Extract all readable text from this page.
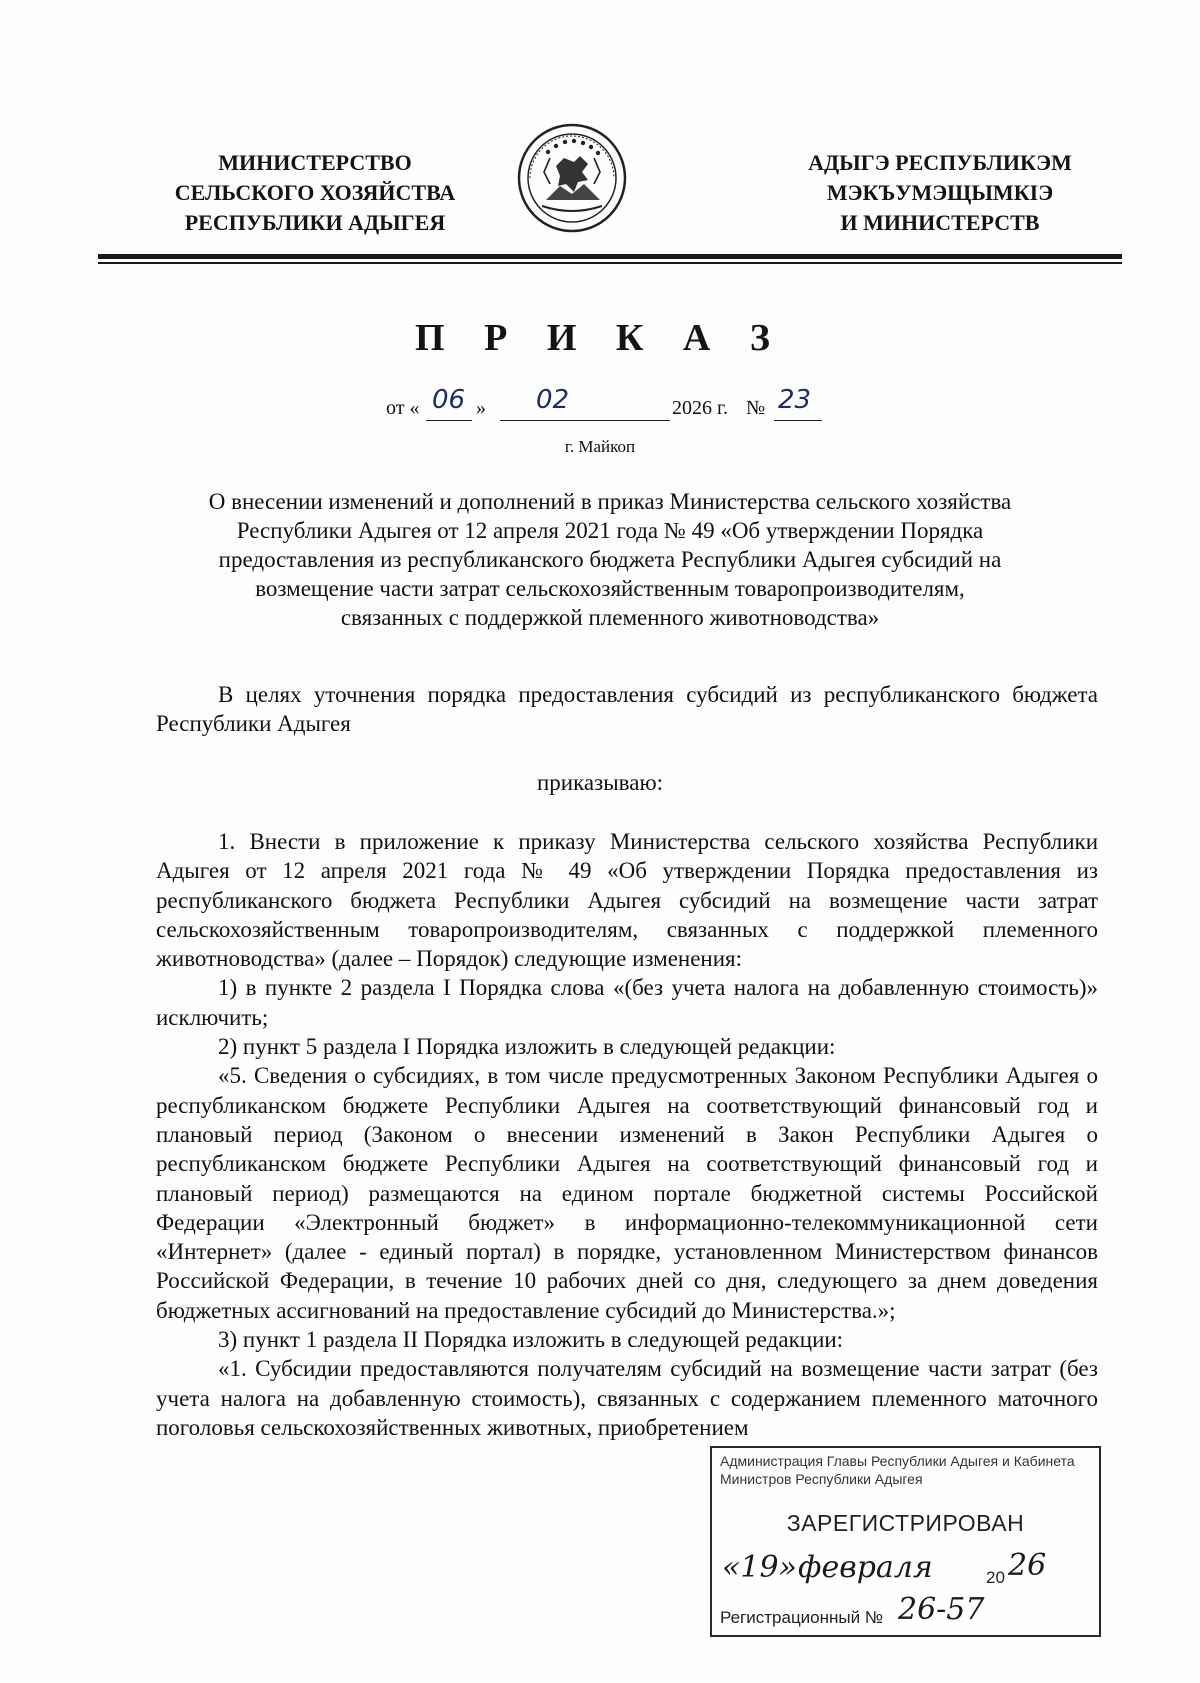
МИНИСТЕРСТВО
СЕЛЬСКОГО ХОЗЯЙСТВА
РЕСПУБЛИКИ АДЫГЕЯ
АДЫГЭ РЕСПУБЛИКЭМ
МЭКЪУМЭЩЫМКIЭ
И МИНИСТЕРСТВ
П Р И К А З
от « 06 » 02	2026 г. № 23
г. Майкоп
О внесении изменений и дополнений в приказ Министерства сельского хозяйства
Республики Адыгея от 12 апреля 2021 года № 49 «Об утверждении Порядка
предоставления из республиканского бюджета Республики Адыгея субсидий на
возмещение части затрат сельскохозяйственным товаропроизводителям,
связанных с поддержкой племенного животноводства»

В целях уточнения порядка предоставления субсидий из республиканского бюджета Республики Адыгея

приказываю:

1. Внести в приложение к приказу Министерства сельского хозяйства Республики Адыгея от 12 апреля 2021 года № 49 «Об утверждении Порядка предоставления из республиканского бюджета Республики Адыгея субсидий на возмещение части затрат сельскохозяйственным товаропроизводителям, связанных с поддержкой племенного животноводства» (далее – Порядок) следующие изменения:

1) в пункте 2 раздела I Порядка слова «(без учета налога на добавленную стоимость)» исключить;

2) пункт 5 раздела I Порядка изложить в следующей редакции:

«5. Сведения о субсидиях, в том числе предусмотренных Законом Республики Адыгея о республиканском бюджете Республики Адыгея на соответствующий финансовый год и плановый период (Законом о внесении изменений в Закон Республики Адыгея о республиканском бюджете Республики Адыгея на соответствующий финансовый год и плановый период) размещаются на едином портале бюджетной системы Российской Федерации «Электронный бюджет» в информационно-телекоммуникационной сети «Интернет» (далее - единый портал) в порядке, установленном Министерством финансов Российской Федерации, в течение 10 рабочих дней со дня, следующего за днем доведения бюджетных ассигнований на предоставление субсидий до Министерства.»;

3) пункт 1 раздела II Порядка изложить в следующей редакции:

«1. Субсидии предоставляются получателям субсидий на возмещение части затрат (без учета налога на добавленную стоимость), связанных с содержанием племенного маточного поголовья сельскохозяйственных животных, приобретением

Администрация Главы Республики Адыгея и Кабинета Министров Республики Адыгея
ЗАРЕГИСТРИРОВАН
«19» февраля	20 26
Регистрационный № 26-57
